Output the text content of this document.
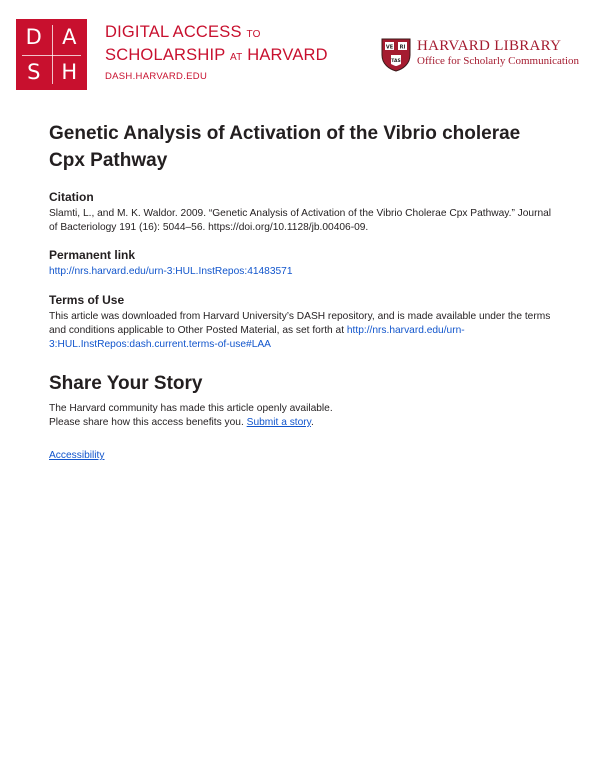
D A
S H
DIGITAL ACCESS TO
SCHOLARSHIP AT HARVARD
DASH.HARVARD.EDU
VE RI
TAS
HARVARD LIBRARY
Office for Scholarly Communication
Genetic Analysis of Activation of the Vibrio cholerae Cpx Pathway
Citation

Slamti, L., and M. K. Waldor. 2009. “Genetic Analysis of Activation of the Vibrio Cholerae Cpx Pathway.” Journal of Bacteriology 191 (16): 5044–56. https://doi.org/10.1128/jb.00406-09.

Permanent link

http://nrs.harvard.edu/urn-3:HUL.InstRepos:41483571

Terms of Use

This article was downloaded from Harvard University’s DASH repository, and is made available under the terms and conditions applicable to Other Posted Material, as set forth at http://nrs.harvard.edu/urn-3:HUL.InstRepos:dash.current.terms-of-use#LAA

Share Your Story

The Harvard community has made this article openly available.

Please share how this access benefits you. Submit a story.

Accessibility
